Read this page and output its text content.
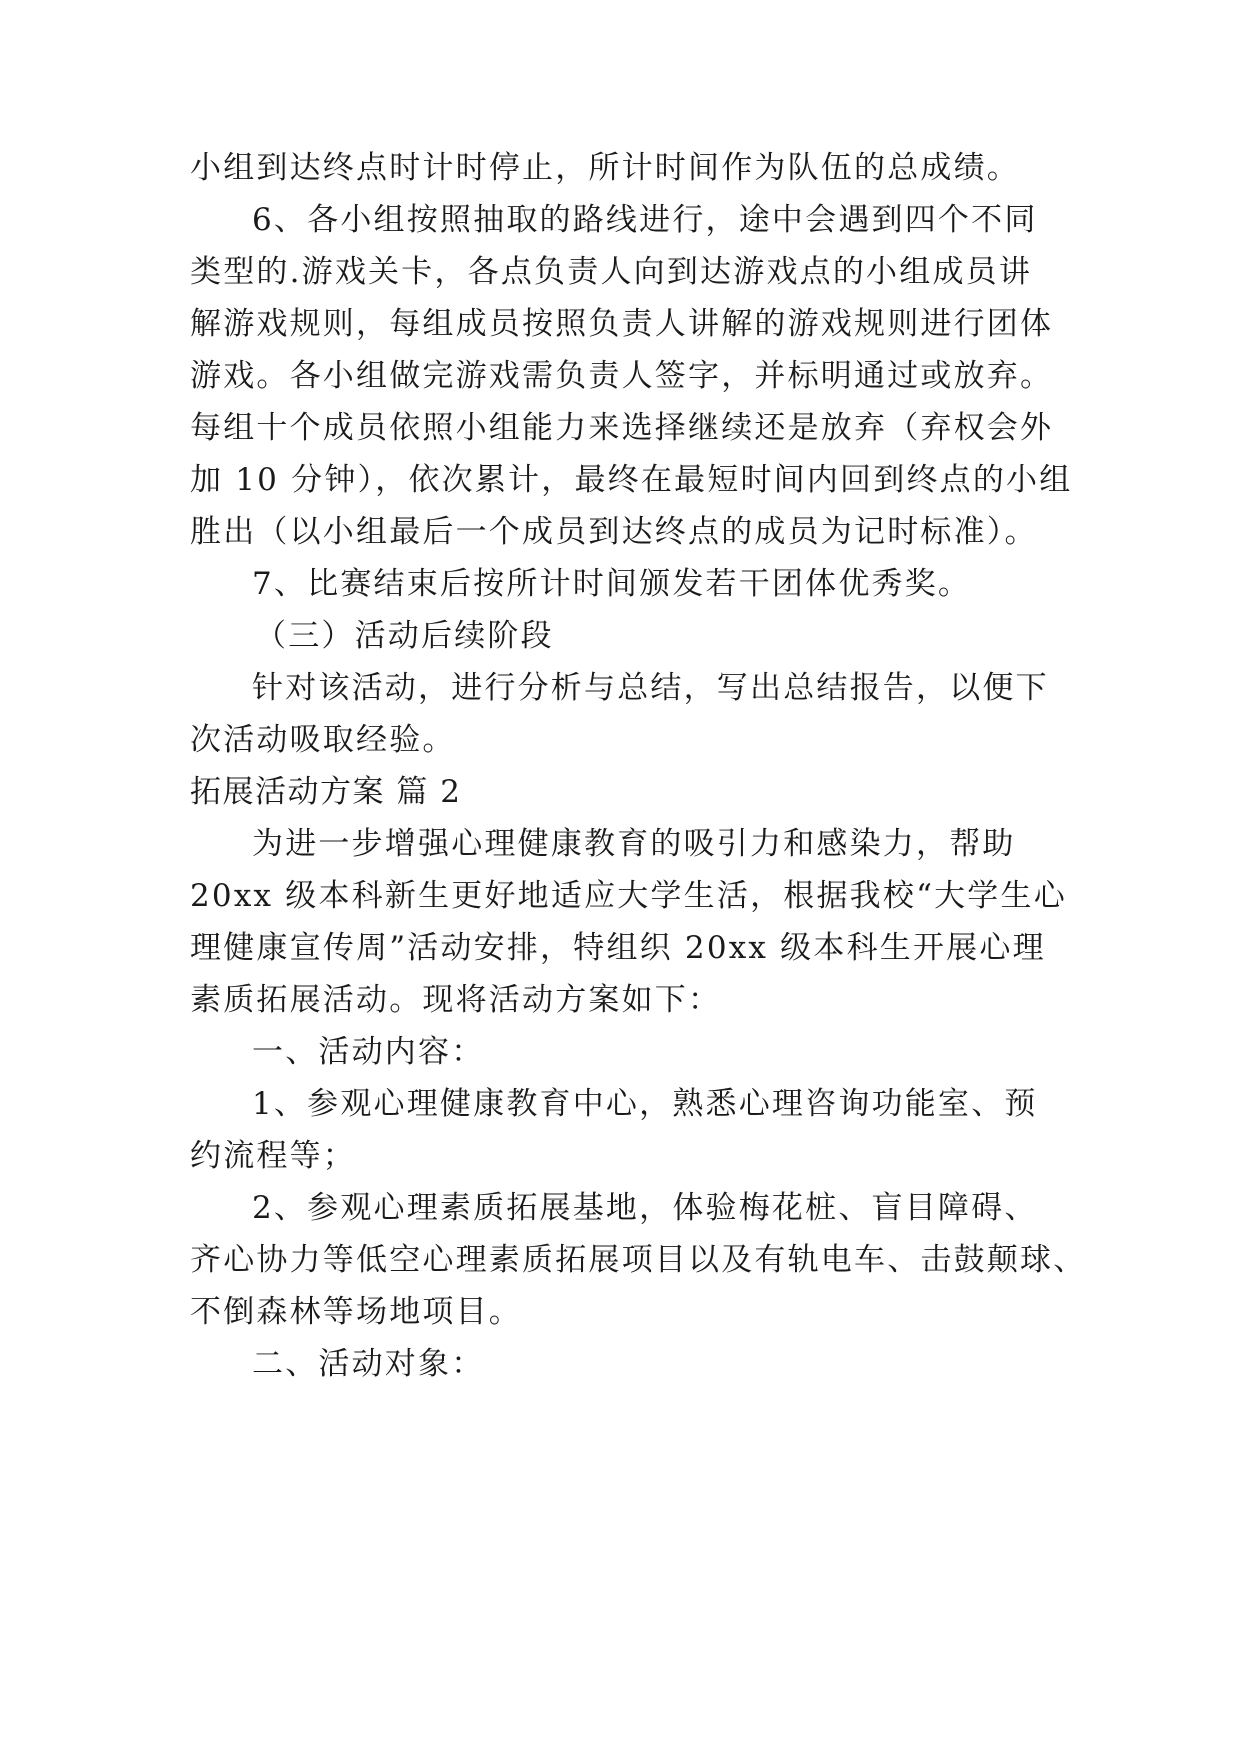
小组到达终点时计时停止，所计时间作为队伍的总成绩。
6、各小组按照抽取的路线进行，途中会遇到四个不同
类型的.游戏关卡，各点负责人向到达游戏点的小组成员讲
解游戏规则，每组成员按照负责人讲解的游戏规则进行团体
游戏。各小组做完游戏需负责人签字，并标明通过或放弃。
每组十个成员依照小组能力来选择继续还是放弃（弃权会外
加 10 分钟），依次累计，最终在最短时间内回到终点的小组
胜出（以小组最后一个成员到达终点的成员为记时标准）。
7、比赛结束后按所计时间颁发若干团体优秀奖。
（三）活动后续阶段
针对该活动，进行分析与总结，写出总结报告，以便下
次活动吸取经验。
拓展活动方案 篇 2
为进一步增强心理健康教育的吸引力和感染力，帮助
20xx 级本科新生更好地适应大学生活，根据我校“大学生心
理健康宣传周”活动安排，特组织 20xx 级本科生开展心理
素质拓展活动。现将活动方案如下：
一、活动内容：
1、参观心理健康教育中心，熟悉心理咨询功能室、预
约流程等；
2、参观心理素质拓展基地，体验梅花桩、盲目障碍、
齐心协力等低空心理素质拓展项目以及有轨电车、击鼓颠球、
不倒森林等场地项目。
二、活动对象：
